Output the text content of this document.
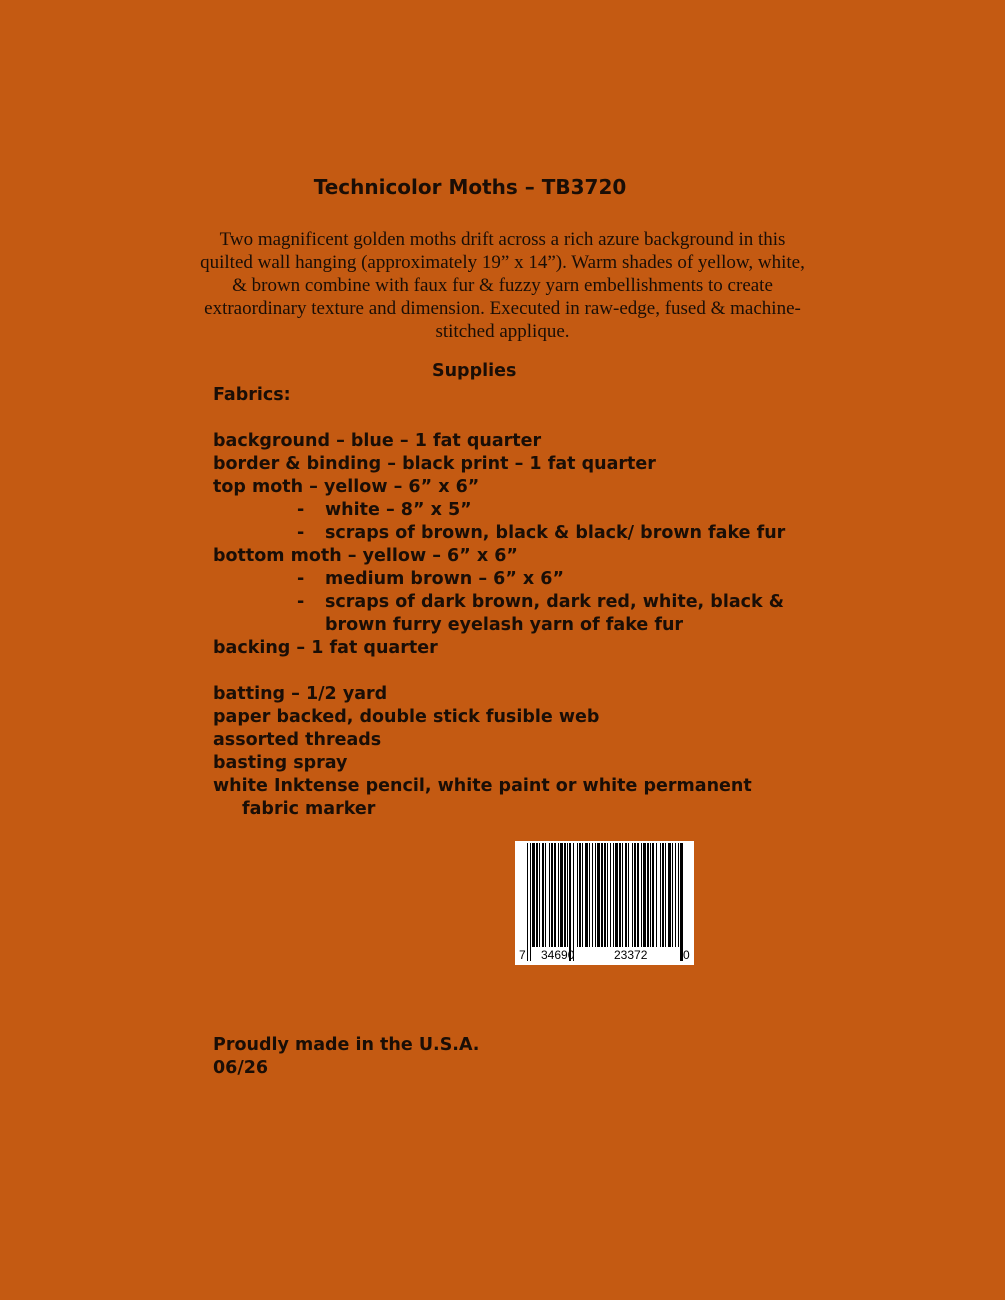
Technicolor Moths – TB3720
Two magnificent golden moths drift across a rich azure background in this quilted wall hanging (approximately 19” x 14”). Warm shades of yellow, white, & brown combine with faux fur & fuzzy yarn embellishments to create extraordinary texture and dimension. Executed in raw-edge, fused & machine-stitched applique.
Supplies
Fabrics:
background – blue – 1 fat quarter
border & binding – black print – 1 fat quarter
top moth – yellow – 6” x 6”
- white – 8” x 5”
- scraps of brown, black & black/ brown fake fur
bottom moth – yellow – 6” x 6”
- medium brown – 6” x 6”
- scraps of dark brown, dark red, white, black &
brown furry eyelash yarn of fake fur
backing – 1 fat quarter
batting – 1/2 yard
paper backed, double stick fusible web
assorted threads
basting spray
white Inktense pencil, white paint or white permanent
fabric marker
7 34690	23372	0
Proudly made in the U.S.A.
06/26
